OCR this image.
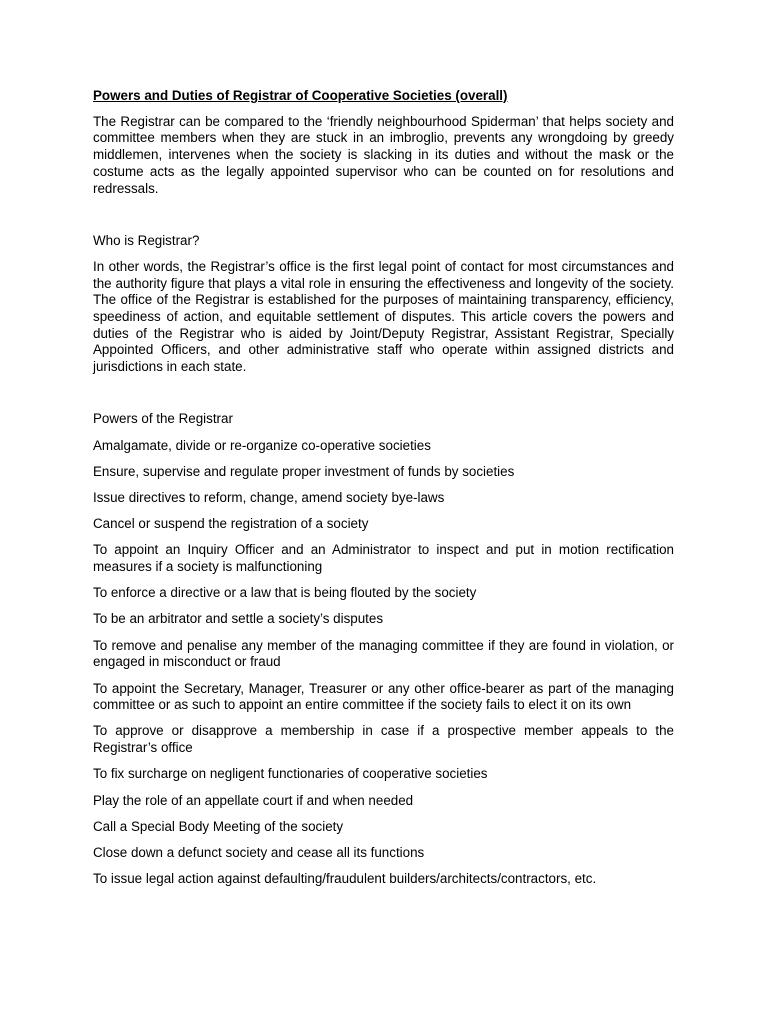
Powers and Duties of Registrar of Cooperative Societies (overall)

The Registrar can be compared to the ‘friendly neighbourhood Spiderman’ that helps society and committee members when they are stuck in an imbroglio, prevents any wrongdoing by greedy middlemen, intervenes when the society is slacking in its duties and without the mask or the costume acts as the legally appointed supervisor who can be counted on for resolutions and redressals.

Who is Registrar?

In other words, the Registrar’s office is the first legal point of contact for most circumstances and the authority figure that plays a vital role in ensuring the effectiveness and longevity of the society. The office of the Registrar is established for the purposes of maintaining transparency, efficiency, speediness of action, and equitable settlement of disputes. This article covers the powers and duties of the Registrar who is aided by Joint/Deputy Registrar, Assistant Registrar, Specially Appointed Officers, and other administrative staff who operate within assigned districts and jurisdictions in each state.

Powers of the Registrar
Amalgamate, divide or re-organize co-operative societies
Ensure, supervise and regulate proper investment of funds by societies
Issue directives to reform, change, amend society bye-laws
Cancel or suspend the registration of a society
To appoint an Inquiry Officer and an Administrator to inspect and put in motion rectification measures if a society is malfunctioning
To enforce a directive or a law that is being flouted by the society
To be an arbitrator and settle a society’s disputes
To remove and penalise any member of the managing committee if they are found in violation, or engaged in misconduct or fraud
To appoint the Secretary, Manager, Treasurer or any other office-bearer as part of the managing committee or as such to appoint an entire committee if the society fails to elect it on its own
To approve or disapprove a membership in case if a prospective member appeals to the Registrar’s office
To fix surcharge on negligent functionaries of cooperative societies
Play the role of an appellate court if and when needed
Call a Special Body Meeting of the society
Close down a defunct society and cease all its functions
To issue legal action against defaulting/fraudulent builders/architects/contractors, etc.
